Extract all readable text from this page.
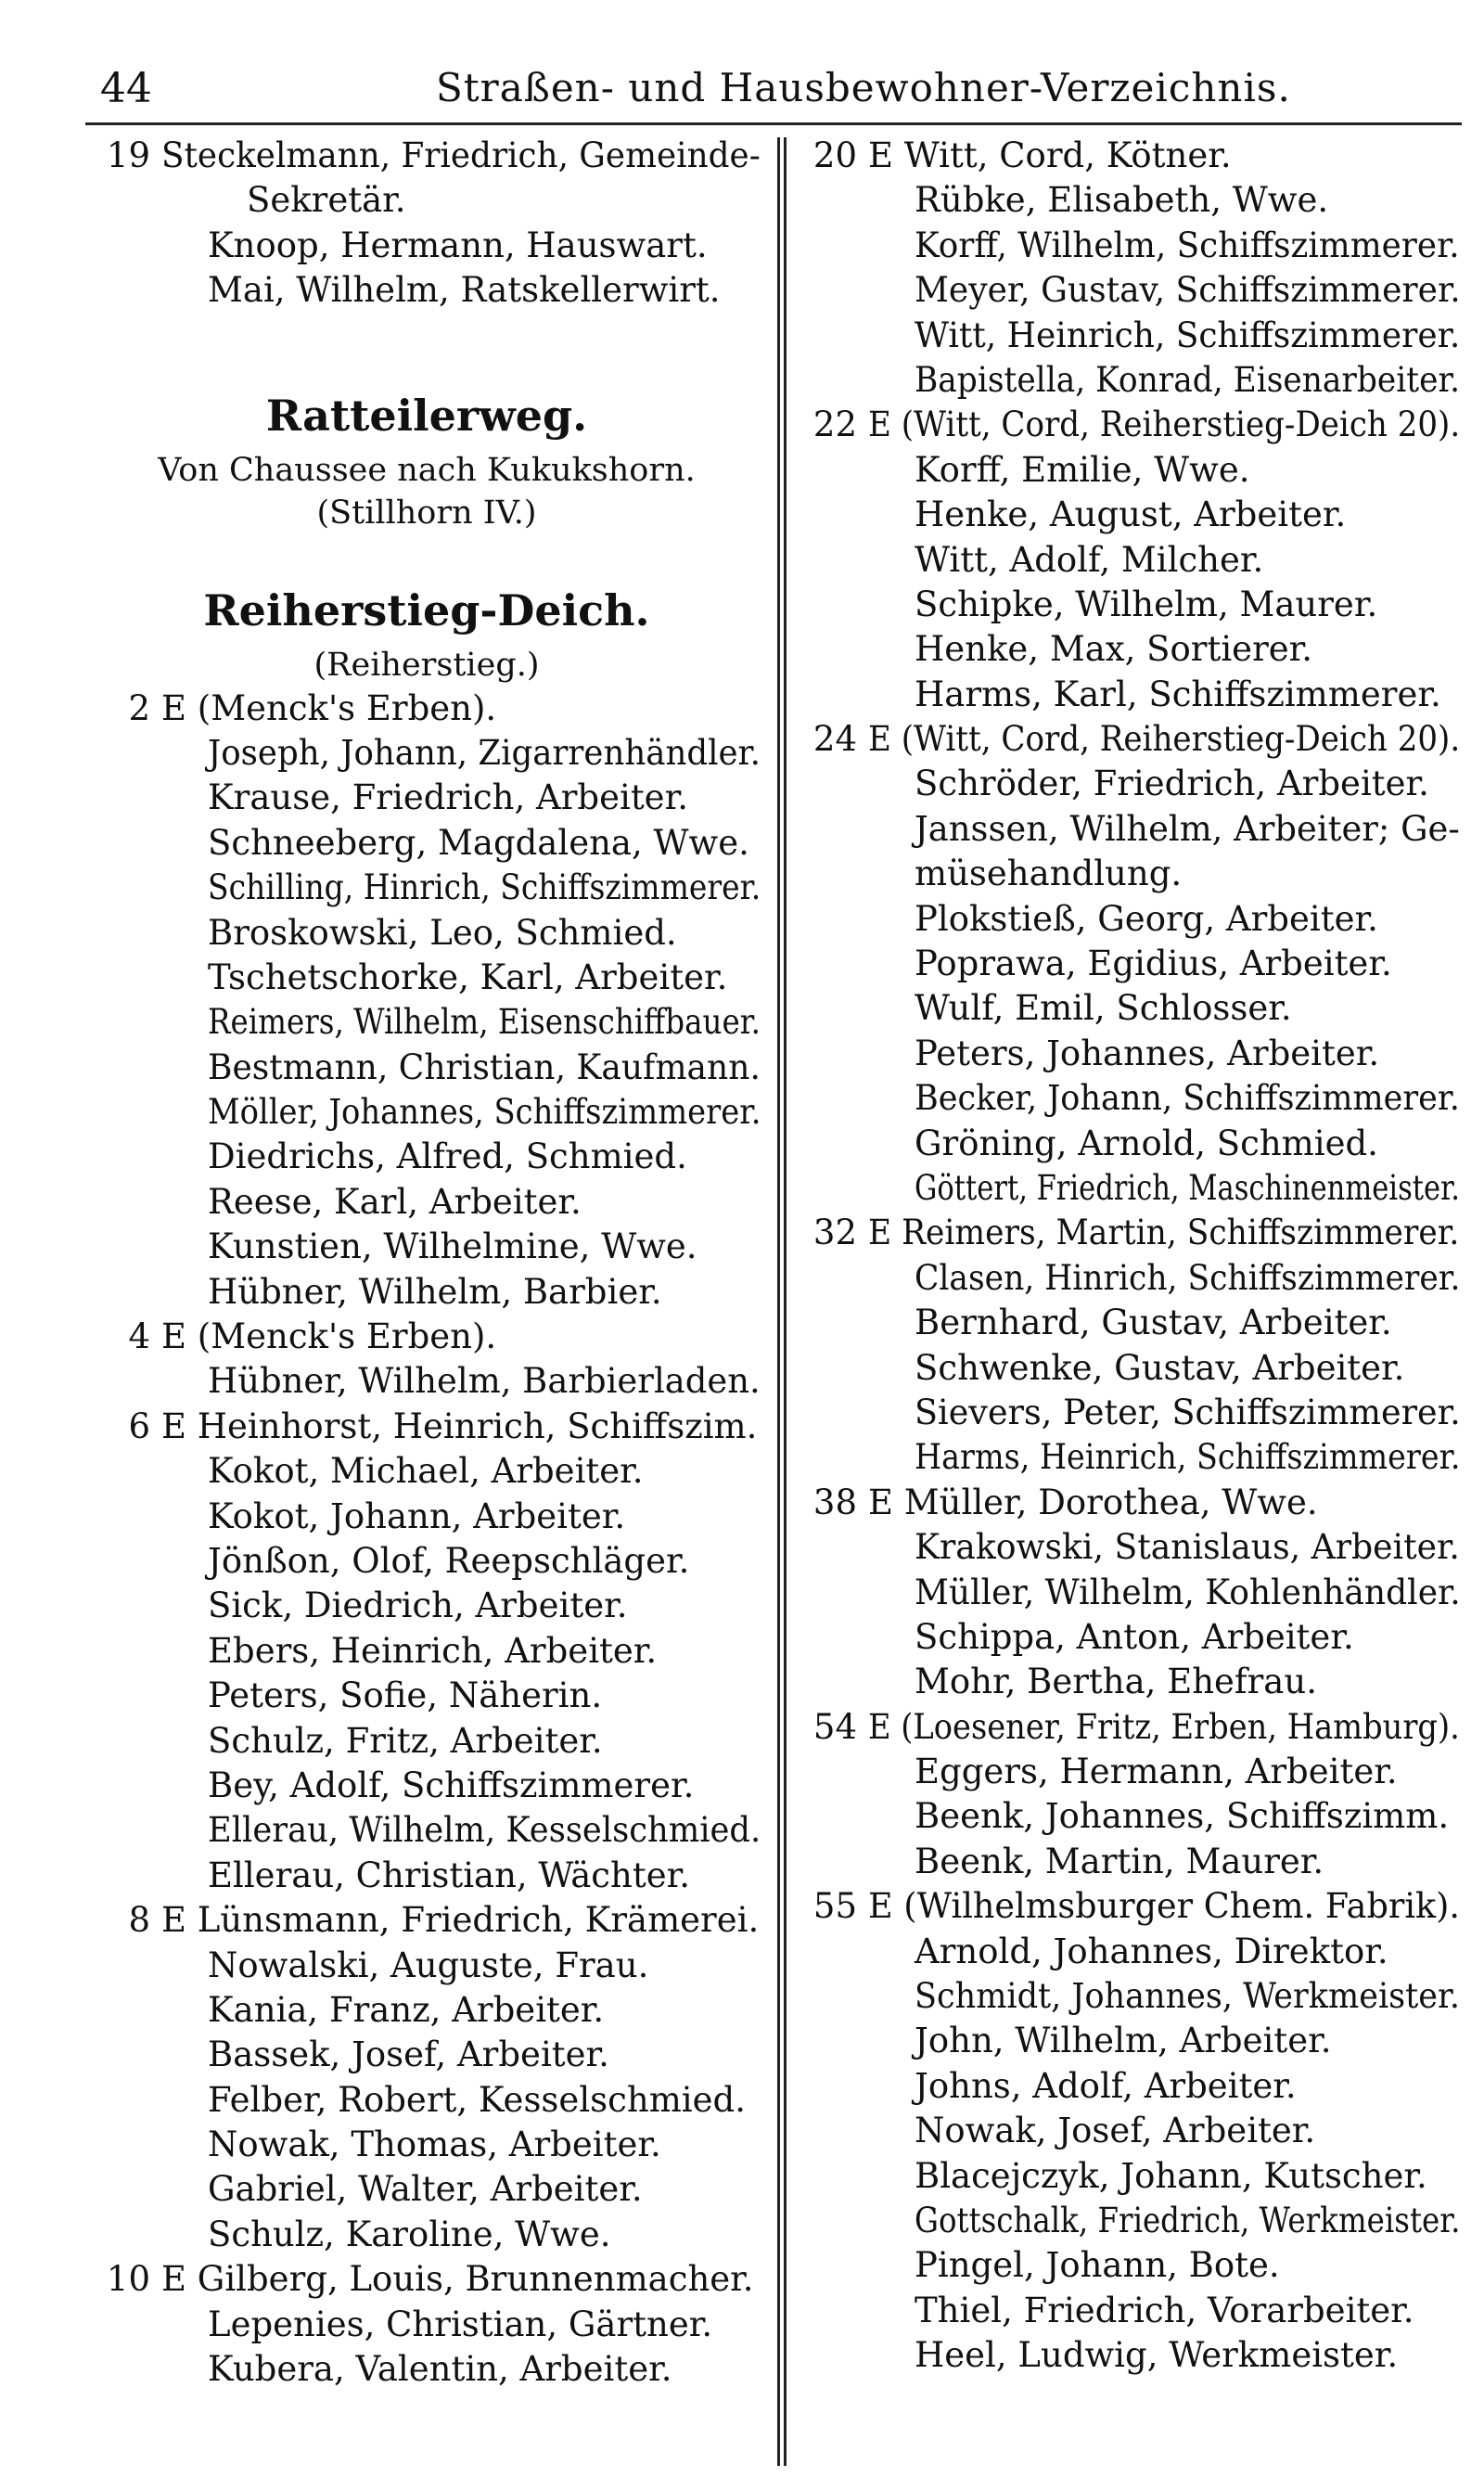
44	Straßen- und Hausbewohner-Verzeichnis.
19 Steckelmann, Friedrich, Gemeinde-
Sekretär.
Knoop, Hermann, Hauswart.
Mai, Wilhelm, Ratskellerwirt.
Ratteilerweg.
Von Chaussee nach Kukukshorn.
(Stillhorn IV.)
Reiherstieg-Deich.
(Reiherstieg.)
2 E (Menck's Erben).
Joseph, Johann, Zigarrenhändler.
Krause, Friedrich, Arbeiter.
Schneeberg, Magdalena, Wwe.
Schilling, Hinrich, Schiffszimmerer.
Broskowski, Leo, Schmied.
Tschetschorke, Karl, Arbeiter.
Reimers, Wilhelm, Eisenschiffbauer.
Bestmann, Christian, Kaufmann.
Möller, Johannes, Schiffszimmerer.
Diedrichs, Alfred, Schmied.
Reese, Karl, Arbeiter.
Kunstien, Wilhelmine, Wwe.
Hübner, Wilhelm, Barbier.
4 E (Menck's Erben).
Hübner, Wilhelm, Barbierladen.
6 E Heinhorst, Heinrich, Schiffszim.
Kokot, Michael, Arbeiter.
Kokot, Johann, Arbeiter.
Jönßon, Olof, Reepschläger.
Sick, Diedrich, Arbeiter.
Ebers, Heinrich, Arbeiter.
Peters, Sofie, Näherin.
Schulz, Fritz, Arbeiter.
Bey, Adolf, Schiffszimmerer.
Ellerau, Wilhelm, Kesselschmied.
Ellerau, Christian, Wächter.
8 E Lünsmann, Friedrich, Krämerei.
Nowalski, Auguste, Frau.
Kania, Franz, Arbeiter.
Bassek, Josef, Arbeiter.
Felber, Robert, Kesselschmied.
Nowak, Thomas, Arbeiter.
Gabriel, Walter, Arbeiter.
Schulz, Karoline, Wwe.
10 E Gilberg, Louis, Brunnenmacher.
Lepenies, Christian, Gärtner.
Kubera, Valentin, Arbeiter.
20 E Witt, Cord, Kötner.
Rübke, Elisabeth, Wwe.
Korff, Wilhelm, Schiffszimmerer.
Meyer, Gustav, Schiffszimmerer.
Witt, Heinrich, Schiffszimmerer.
Bapistella, Konrad, Eisenarbeiter.
22 E (Witt, Cord, Reiherstieg-Deich 20).
Korff, Emilie, Wwe.
Henke, August, Arbeiter.
Witt, Adolf, Milcher.
Schipke, Wilhelm, Maurer.
Henke, Max, Sortierer.
Harms, Karl, Schiffszimmerer.
24 E (Witt, Cord, Reiherstieg-Deich 20).
Schröder, Friedrich, Arbeiter.
Janssen, Wilhelm, Arbeiter; Ge-
müsehandlung.
Plokstieß, Georg, Arbeiter.
Poprawa, Egidius, Arbeiter.
Wulf, Emil, Schlosser.
Peters, Johannes, Arbeiter.
Becker, Johann, Schiffszimmerer.
Gröning, Arnold, Schmied.
Göttert, Friedrich, Maschinenmeister.
32 E Reimers, Martin, Schiffszimmerer.
Clasen, Hinrich, Schiffszimmerer.
Bernhard, Gustav, Arbeiter.
Schwenke, Gustav, Arbeiter.
Sievers, Peter, Schiffszimmerer.
Harms, Heinrich, Schiffszimmerer.
38 E Müller, Dorothea, Wwe.
Krakowski, Stanislaus, Arbeiter.
Müller, Wilhelm, Kohlenhändler.
Schippa, Anton, Arbeiter.
Mohr, Bertha, Ehefrau.
54 E (Loesener, Fritz, Erben, Hamburg).
Eggers, Hermann, Arbeiter.
Beenk, Johannes, Schiffszimm.
Beenk, Martin, Maurer.
55 E (Wilhelmsburger Chem. Fabrik).
Arnold, Johannes, Direktor.
Schmidt, Johannes, Werkmeister.
John, Wilhelm, Arbeiter.
Johns, Adolf, Arbeiter.
Nowak, Josef, Arbeiter.
Blacejczyk, Johann, Kutscher.
Gottschalk, Friedrich, Werkmeister.
Pingel, Johann, Bote.
Thiel, Friedrich, Vorarbeiter.
Heel, Ludwig, Werkmeister.
